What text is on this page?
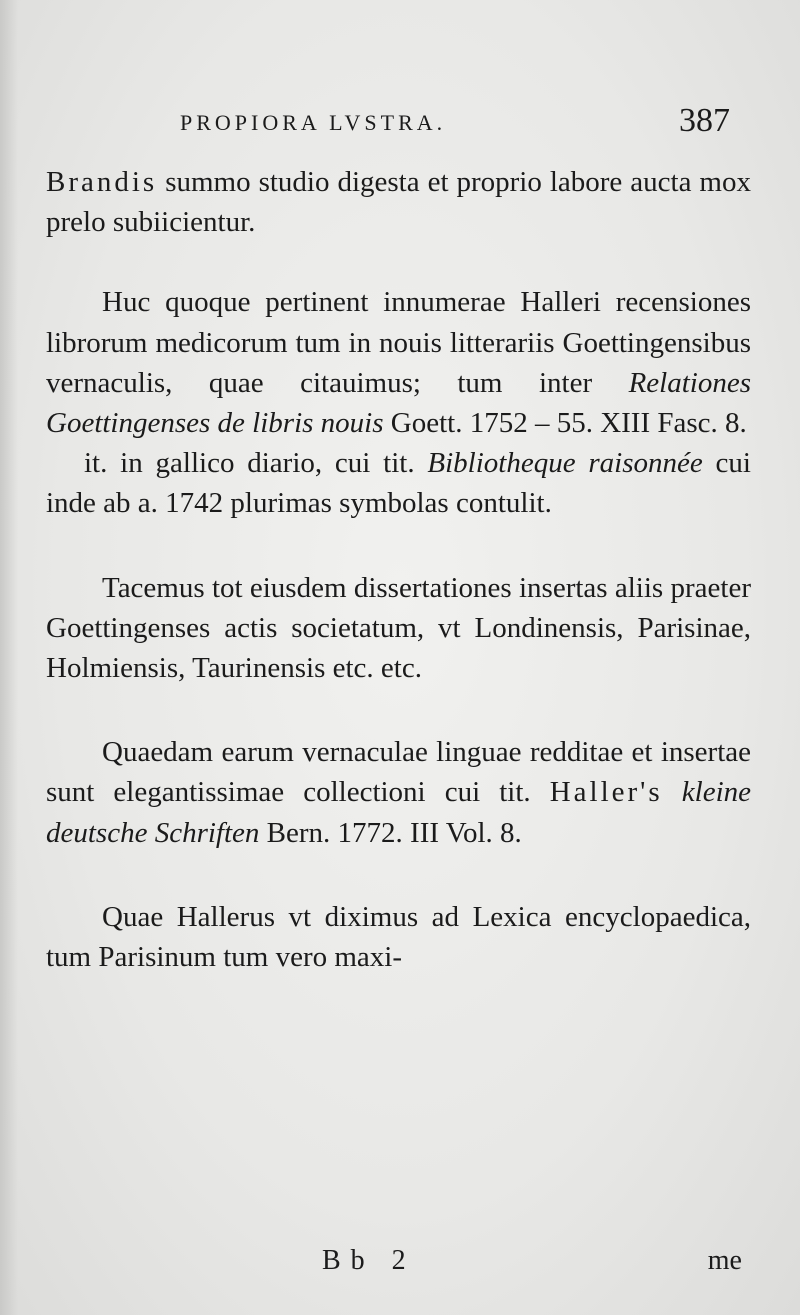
PROPIORA LVSTRA.	387

Brandis summo studio digesta et proprio labore aucta mox prelo subiicientur.

Huc quoque pertinent innumerae Halleri recensiones librorum medicorum tum in nouis litterariis Goettingensibus vernaculis, quae citauimus; tum inter Relationes Goettingenses de libris nouis Goett. 1752 – 55. XIII Fasc. 8.

it. in gallico diario, cui tit. Bibliotheque raisonnée cui inde ab a. 1742 plurimas symbolas contulit.

Tacemus tot eiusdem dissertationes insertas aliis praeter Goettingenses actis societatum, vt Londinensis, Parisinae, Holmiensis, Taurinensis etc. etc.

Quaedam earum vernaculae linguae redditae et insertae sunt elegantissimae collectioni cui tit. Haller's kleine deutsche Schriften Bern. 1772. III Vol. 8.

Quae Hallerus vt diximus ad Lexica encyclopaedica, tum Parisinum tum vero maxi-

Bb 2	me
